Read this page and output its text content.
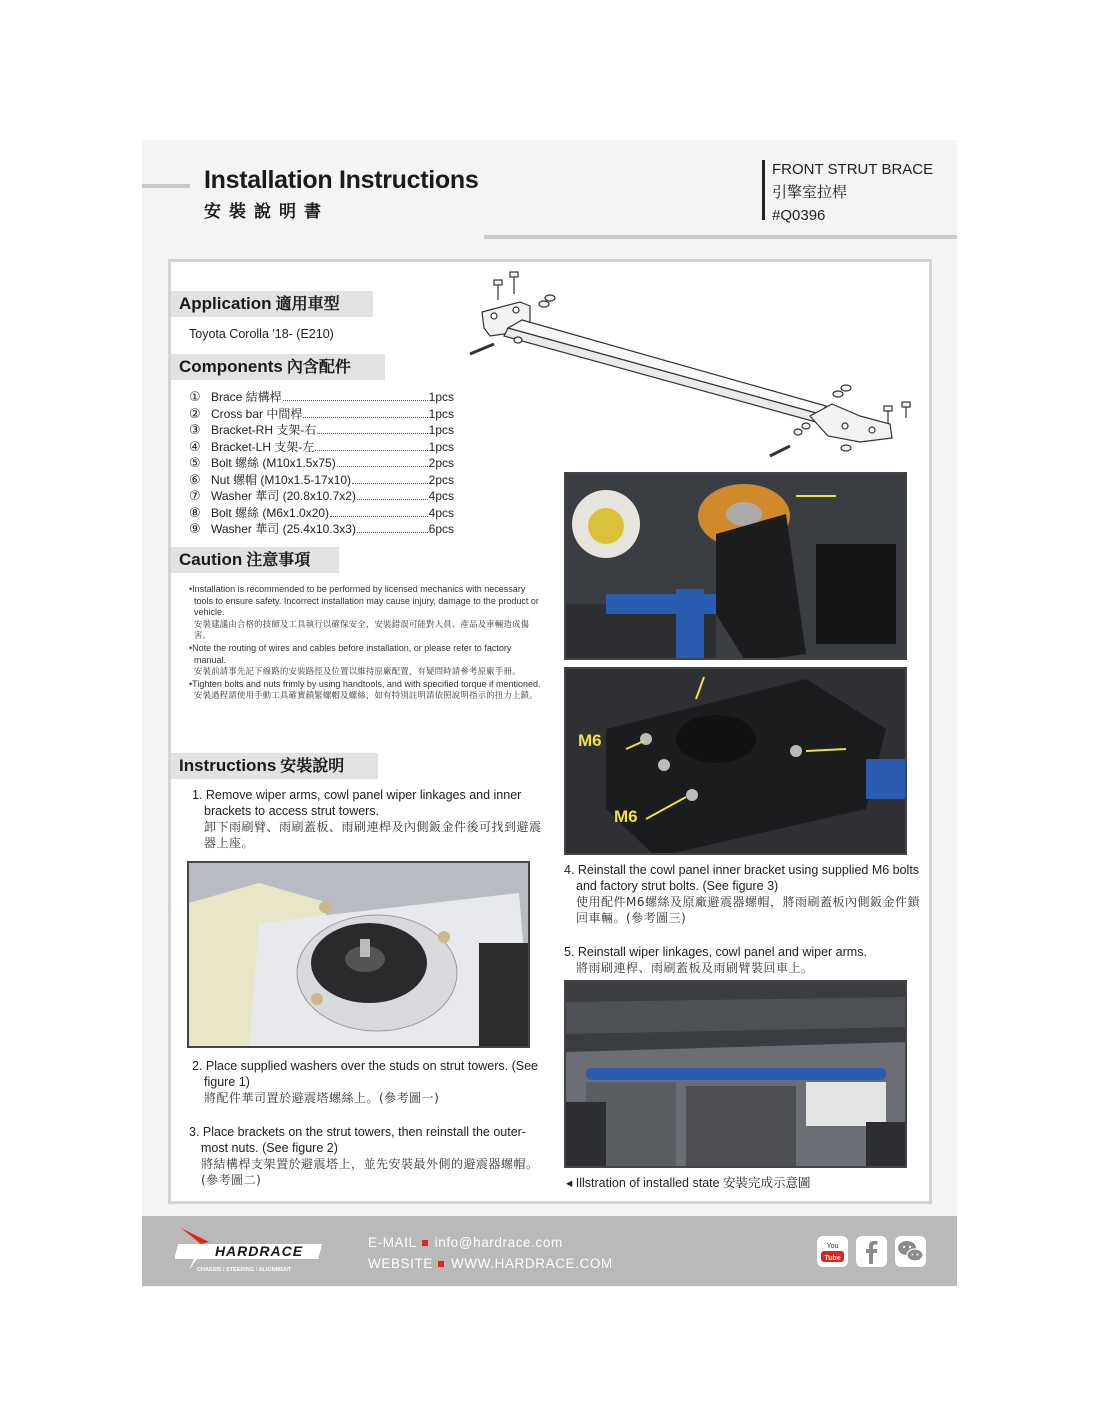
Installation Instructions
安裝說明書
FRONT STRUT BRACE
引擎室拉桿
#Q0396
Application 適用車型
Toyota Corolla '18- (E210)
Components 內含配件
① Brace 結構桿	1pcs
② Cross bar 中間桿	1pcs
③ Bracket-RH 支架-右	1pcs
④ Bracket-LH 支架-左	1pcs
⑤ Bolt 螺絲 (M10x1.5x75)	2pcs
⑥ Nut 螺帽 (M10x1.5-17x10)	2pcs
⑦ Washer 華司 (20.8x10.7x2)	4pcs
⑧ Bolt 螺絲 (M6x1.0x20)	4pcs
⑨ Washer 華司 (25.4x10.3x3)	6pcs
Caution 注意事項
•Installation is recommended to be performed by licensed mechanics with necessary tools to ensure safety. Incorrect installation may cause injury, damage to the product or vehicle.
安裝建議由合格的技師及工具執行以確保安全，安裝錯誤可能對人員、產品及車輛造成傷害。
•Note the routing of wires and cables before installation, or please refer to factory manual.
安裝前請事先記下線路的安裝路徑及位置以維持原廠配置，有疑問時請參考原廠手冊。
•Tighten bolts and nuts frimly by using handtools, and with specified torque if mentioned.
安裝過程請使用手動工具確實鎖緊螺帽及螺絲，如有特別註明請依照說明指示的扭力上鎖。
Instructions 安裝說明
1. Remove wiper arms, cowl panel wiper linkages and inner brackets to access strut towers.
卸下雨刷臂、雨刷蓋板、雨刷連桿及內側鈑金件後可找到避震器上座。
2. Place supplied washers over the studs on strut towers. (See figure 1)
將配件華司置於避震塔螺絲上。(參考圖一)
3. Place brackets on the strut towers, then reinstall the outer-most nuts. (See figure 2)
將結構桿支架置於避震塔上，並先安裝最外側的避震器螺帽。(參考圖二)
M6
M6
4. Reinstall the cowl panel inner bracket using supplied M6 bolts and factory strut bolts. (See figure 3)
使用配件M6螺絲及原廠避震器螺帽，將雨刷蓋板內側鈑金件鎖回車輛。(參考圖三)
5. Reinstall wiper linkages, cowl panel and wiper arms.
將雨刷連桿、雨刷蓋板及雨刷臂裝回車上。
◂ Illstration of installed state 安裝完成示意圖
HARDRACE
CHASSIS / STEERING / ALIGNMENT
E-MAIL info@hardrace.com
WEBSITE WWW.HARDRACE.COM
You
Tube
